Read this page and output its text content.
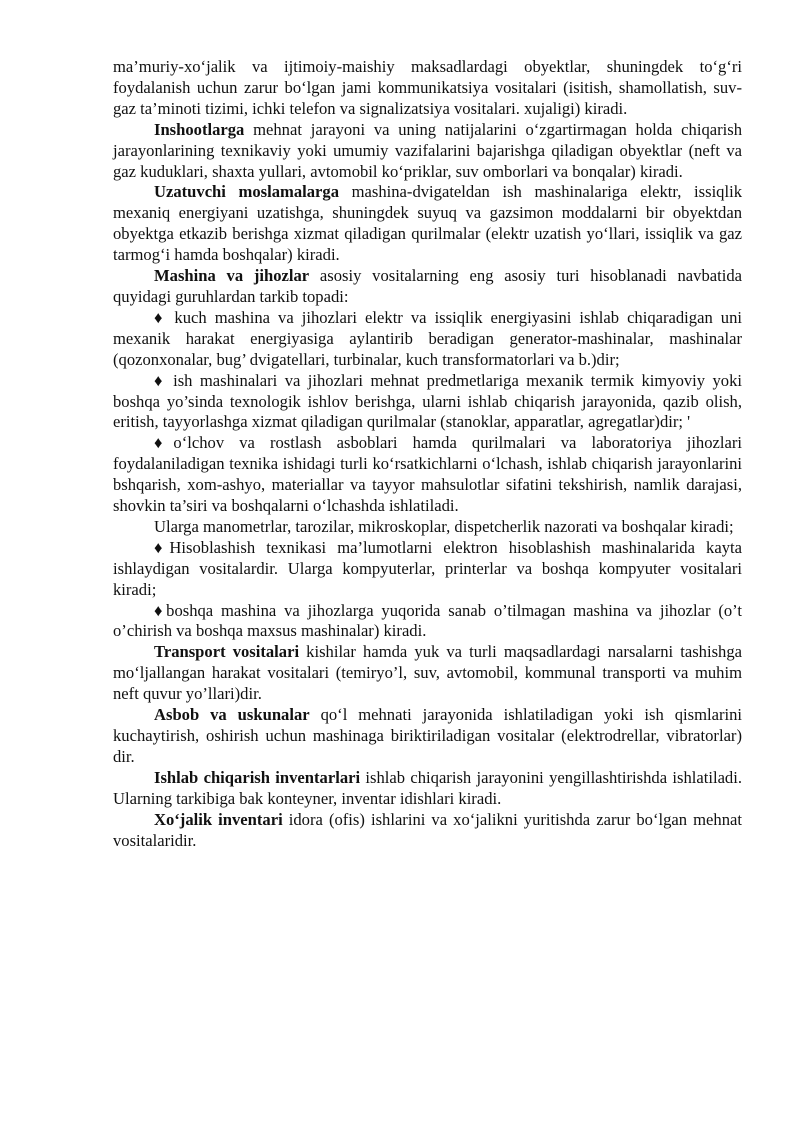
ma’muriy-xo‘jalik va ijtimoiy-maishiy maksadlardagi obyektlar, shuningdek to‘g‘ri foydalanish uchun zarur bo‘lgan jami kommunikatsiya vositalari (isitish, shamollatish, suv-gaz ta’minoti tizimi, ichki telefon va signalizatsiya vositalari. xujaligi) kiradi.

Inshootlarga mehnat jarayoni va uning natijalarini o‘zgartirmagan holda chiqarish jarayonlarining texnikaviy yoki umumiy vazifalarini bajarishga qiladigan obyektlar (neft va gaz kuduklari, shaxta yullari, avtomobil ko‘priklar, suv omborlari va bonqalar) kiradi.

Uzatuvchi moslamalarga mashina-dvigateldan ish mashinalariga elektr, issiqlik mexaniq energiyani uzatishga, shuningdek suyuq va gazsimon moddalarni bir obyektdan obyektga etkazib berishga xizmat qiladigan qurilmalar (elektr uzatish yo‘llari, issiqlik va gaz tarmog‘i hamda boshqalar) kiradi.

Mashina va jihozlar asosiy vositalarning eng asosiy turi hisoblanadi navbatida quyidagi guruhlardan tarkib topadi:

♦ kuch mashina va jihozlari elektr va issiqlik energiyasini ishlab chiqaradigan uni mexanik harakat energiyasiga aylantirib beradigan generator-mashinalar, mashinalar (qozonxonalar, bug’ dvigatellari, turbinalar, kuch transformatorlari va b.)dir;

♦ ish mashinalari va jihozlari mehnat predmetlariga mexanik termik kimyoviy yoki boshqa yo’sinda texnologik ishlov berishga, ularni ishlab chiqarish jarayonida, qazib olish, eritish, tayyorlashga xizmat qiladigan qurilmalar (stanoklar, apparatlar, agregatlar)dir; '

♦o‘lchov va rostlash asboblari hamda qurilmalari va laboratoriya jihozlari foydalaniladigan texnika ishidagi turli ko‘rsatkichlarni o‘lchash, ishlab chiqarish jarayonlarini bshqarish, xom-ashyo, materiallar va tayyor mahsulotlar sifatini tekshirish, namlik darajasi, shovkin ta’siri va boshqalarni o‘lchashda ishlatiladi.

Ularga manometrlar, tarozilar, mikroskoplar, dispetcherlik nazorati va boshqalar kiradi;

♦Hisoblashish texnikasi ma’lumotlarni elektron hisoblashish mashinalarida kayta ishlaydigan vositalardir. Ularga kompyuterlar, printerlar va boshqa kompyuter vositalari kiradi;

♦boshqa mashina va jihozlarga yuqorida sanab o’tilmagan mashina va jihozlar (o’t o’chirish va boshqa maxsus mashinalar) kiradi.

Transport vositalari kishilar hamda yuk va turli maqsadlardagi narsalarni tashishga mo‘ljallangan harakat vositalari (temiryo’l, suv, avtomobil, kommunal transporti va muhim neft quvur yo’llari)dir.

Asbob va uskunalar qo‘l mehnati jarayonida ishlatiladigan yoki ish qismlarini kuchaytirish, oshirish uchun mashinaga biriktiriladigan vositalar (elektrodrellar, vibratorlar) dir.

Ishlab chiqarish inventarlari ishlab chiqarish jarayonini yengillashtirishda ishlatiladi. Ularning tarkibiga bak konteyner, inventar idishlari kiradi.

Xo‘jalik inventari idora (ofis) ishlarini va xo‘jalikni yuritishda zarur bo‘lgan mehnat vositalaridir.
